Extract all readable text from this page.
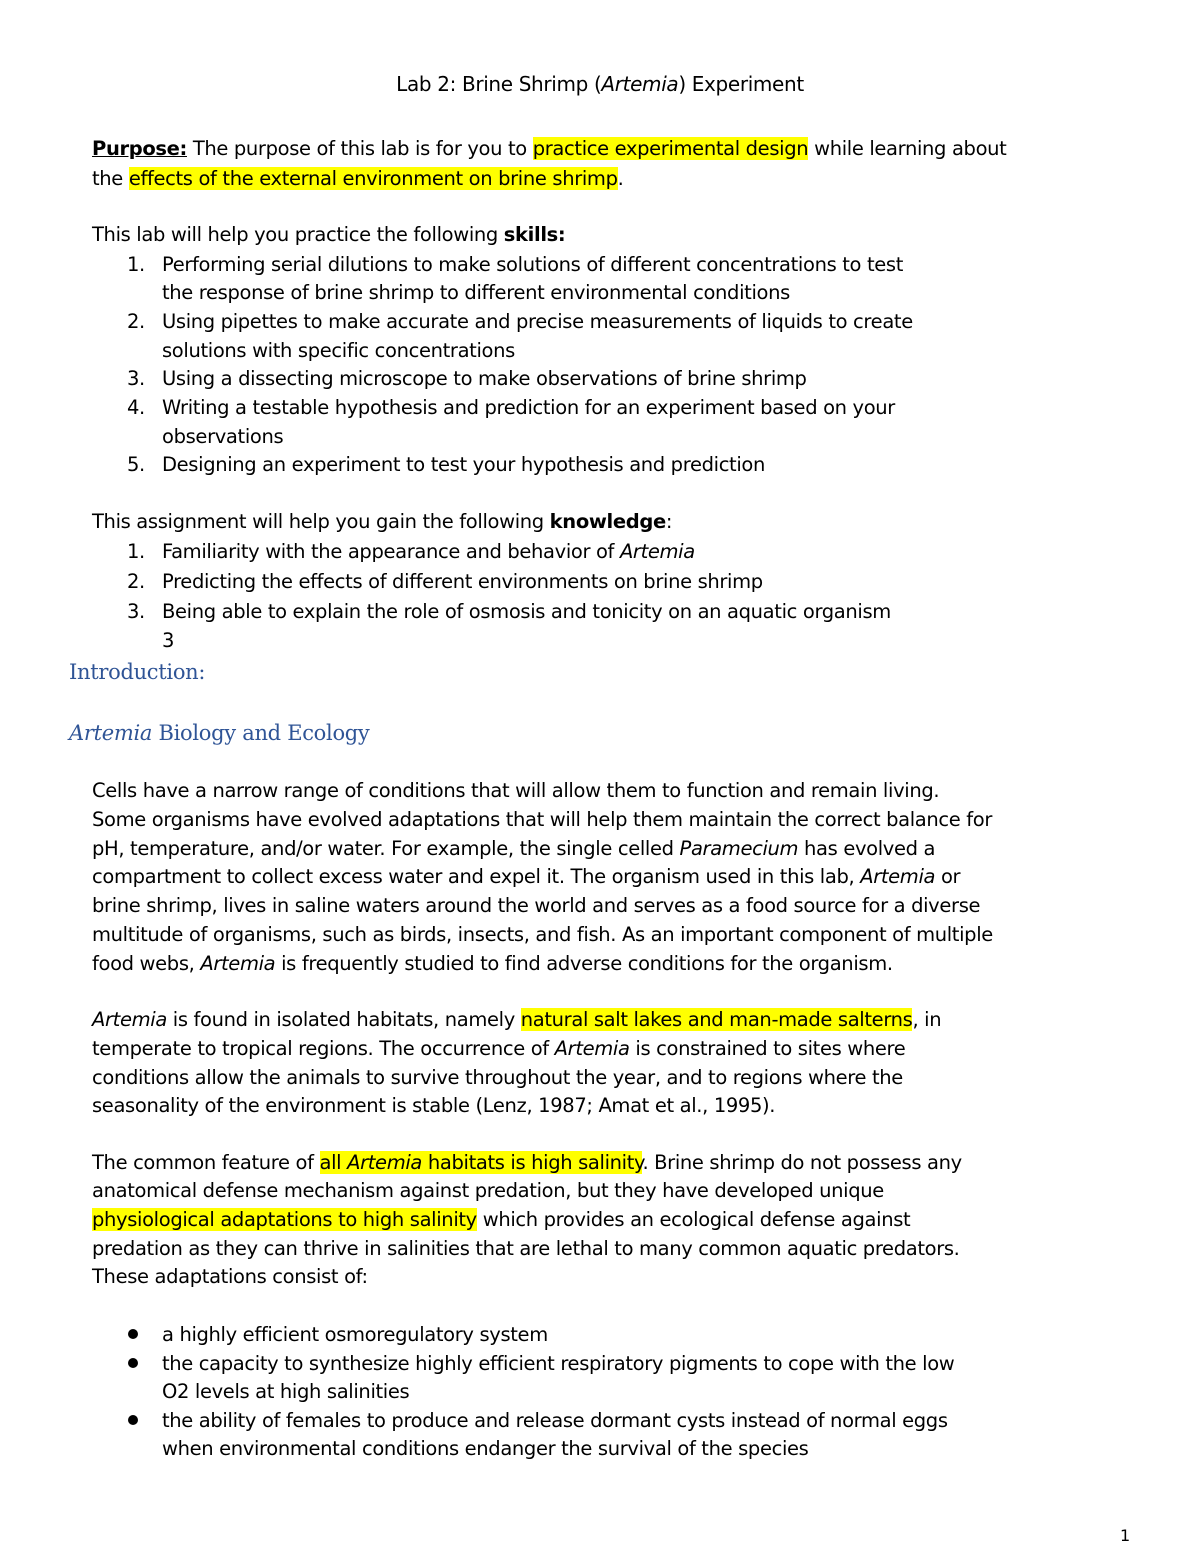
Lab 2: Brine Shrimp (Artemia) Experiment
Purpose: The purpose of this lab is for you to practice experimental design while learning about
the effects of the external environment on brine shrimp.
This lab will help you practice the following skills:
1. Performing serial dilutions to make solutions of different concentrations to test
the response of brine shrimp to different environmental conditions
2. Using pipettes to make accurate and precise measurements of liquids to create
solutions with specific concentrations
3. Using a dissecting microscope to make observations of brine shrimp
4. Writing a testable hypothesis and prediction for an experiment based on your
observations
5. Designing an experiment to test your hypothesis and prediction
This assignment will help you gain the following knowledge:
1. Familiarity with the appearance and behavior of Artemia
2. Predicting the effects of different environments on brine shrimp
3. Being able to explain the role of osmosis and tonicity on an aquatic organism
3
Introduction:
Artemia Biology and Ecology
Cells have a narrow range of conditions that will allow them to function and remain living.
Some organisms have evolved adaptations that will help them maintain the correct balance for
pH, temperature, and/or water. For example, the single celled Paramecium has evolved a
compartment to collect excess water and expel it. The organism used in this lab, Artemia or
brine shrimp, lives in saline waters around the world and serves as a food source for a diverse
multitude of organisms, such as birds, insects, and fish. As an important component of multiple
food webs, Artemia is frequently studied to find adverse conditions for the organism.
Artemia is found in isolated habitats, namely natural salt lakes and man-made salterns, in
temperate to tropical regions. The occurrence of Artemia is constrained to sites where
conditions allow the animals to survive throughout the year, and to regions where the
seasonality of the environment is stable (Lenz, 1987; Amat et al., 1995).
The common feature of all Artemia habitats is high salinity. Brine shrimp do not possess any
anatomical defense mechanism against predation, but they have developed unique
physiological adaptations to high salinity which provides an ecological defense against
predation as they can thrive in salinities that are lethal to many common aquatic predators.
These adaptations consist of:
a highly efficient osmoregulatory system
the capacity to synthesize highly efficient respiratory pigments to cope with the low
O2 levels at high salinities
the ability of females to produce and release dormant cysts instead of normal eggs
when environmental conditions endanger the survival of the species
1
